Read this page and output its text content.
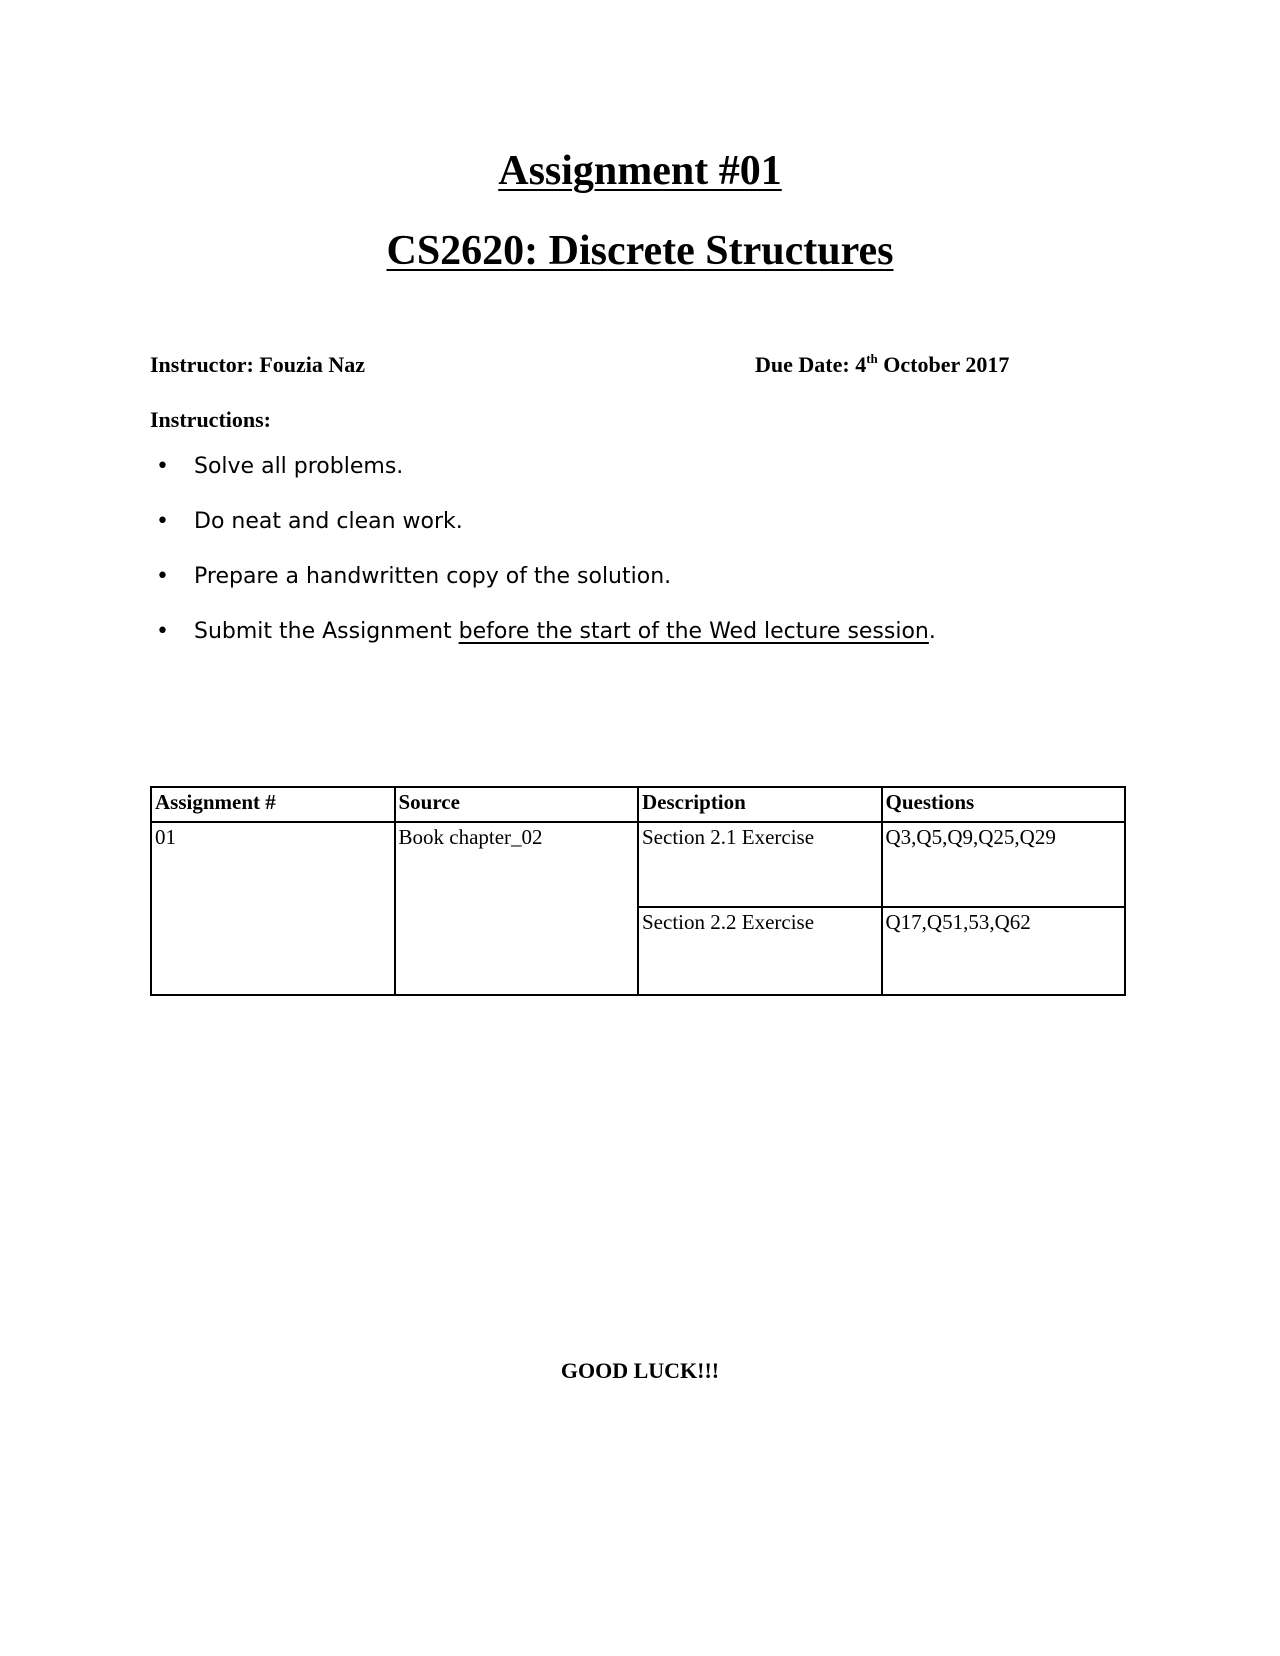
Assignment #01
CS2620: Discrete Structures
Instructor: Fouzia Naz	Due Date: 4th October 2017
Instructions:
• Solve all problems.
• Do neat and clean work.
• Prepare a handwritten copy of the solution.
• Submit the Assignment before the start of the Wed lecture session.
Assignment #	Source	Description	Questions
01	Book chapter_02	Section 2.1 Exercise	Q3,Q5,Q9,Q25,Q29
		Section 2.2 Exercise	Q17,Q51,53,Q62
GOOD LUCK!!!
